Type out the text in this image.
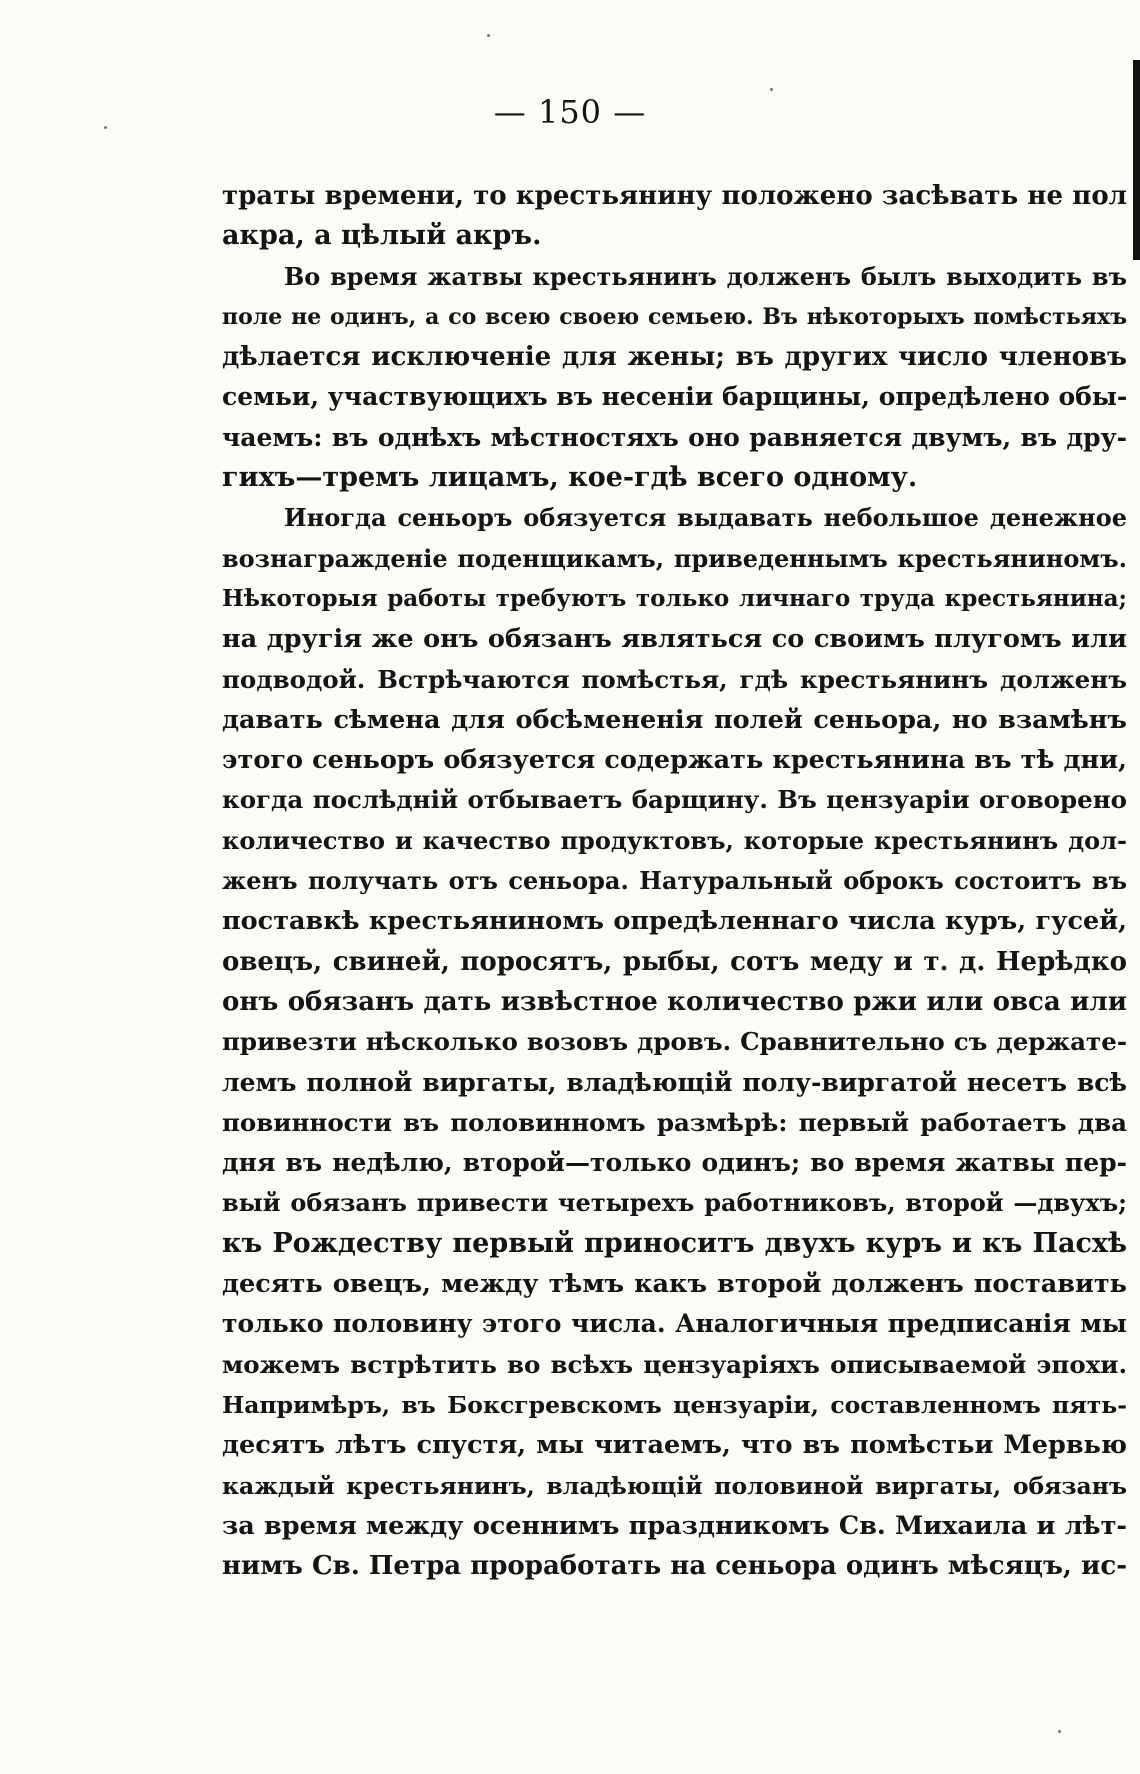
— 150 —
траты времени, то крестьянину положено засѣвать не пол
акра, а цѣлый акръ.
Во время жатвы крестьянинъ долженъ былъ выходить въ
поле не одинъ, а со всею своею семьею. Въ нѣкоторыхъ помѣстьяхъ
дѣлается исключенiе для жены; въ других число членовъ
семьи, участвующихъ въ несенiи барщины, опредѣлено обы-
чаемъ: въ однѣхъ мѣстностяхъ оно равняется двумъ, въ дру-
гихъ—тремъ лицамъ, кое-гдѣ всего одному.
Иногда сеньоръ обязуется выдавать небольшое денежное
вознагражденiе поденщикамъ, приведеннымъ крестьяниномъ.
Нѣкоторыя работы требуютъ только личнаго труда крестьянина;
на другiя же онъ обязанъ являться со своимъ плугомъ или
подводой. Встрѣчаются помѣстья, гдѣ крестьянинъ долженъ
давать сѣмена для обсѣмененiя полей сеньора, но взамѣнъ
этого сеньоръ обязуется содержать крестьянина въ тѣ дни,
когда послѣднiй отбываетъ барщину. Въ цензуарiи оговорено
количество и качество продуктовъ, которые крестьянинъ дол-
женъ получать отъ сеньора. Натуральный оброкъ состоитъ въ
поставкѣ крестьяниномъ опредѣленнаго числа куръ, гусей,
овецъ, свиней, поросятъ, рыбы, сотъ меду и т. д. Нерѣдко
онъ обязанъ дать извѣстное количество ржи или овса или
привезти нѣсколько возовъ дровъ. Сравнительно съ держате-
лемъ полной виргаты, владѣющiй полу-виргатой несетъ всѣ
повинности въ половинномъ размѣрѣ: первый работаетъ два
дня въ недѣлю, второй—только одинъ; во время жатвы пер-
вый обязанъ привести четырехъ работниковъ, второй —двухъ;
къ Рождеству первый приноситъ двухъ куръ и къ Пасхѣ
десять овецъ, между тѣмъ какъ второй долженъ поставить
только половину этого числа. Аналогичныя предписанiя мы
можемъ встрѣтить во всѣхъ цензуарiяхъ описываемой эпохи.
Напримѣръ, въ Боксгревскомъ цензуарiи, составленномъ пять-
десятъ лѣтъ спустя, мы читаемъ, что въ помѣстьи Мервью
каждый крестьянинъ, владѣющiй половиной виргаты, обязанъ
за время между осеннимъ праздникомъ Св. Михаила и лѣт-
нимъ Св. Петра проработать на сеньора одинъ мѣсяцъ, ис-
